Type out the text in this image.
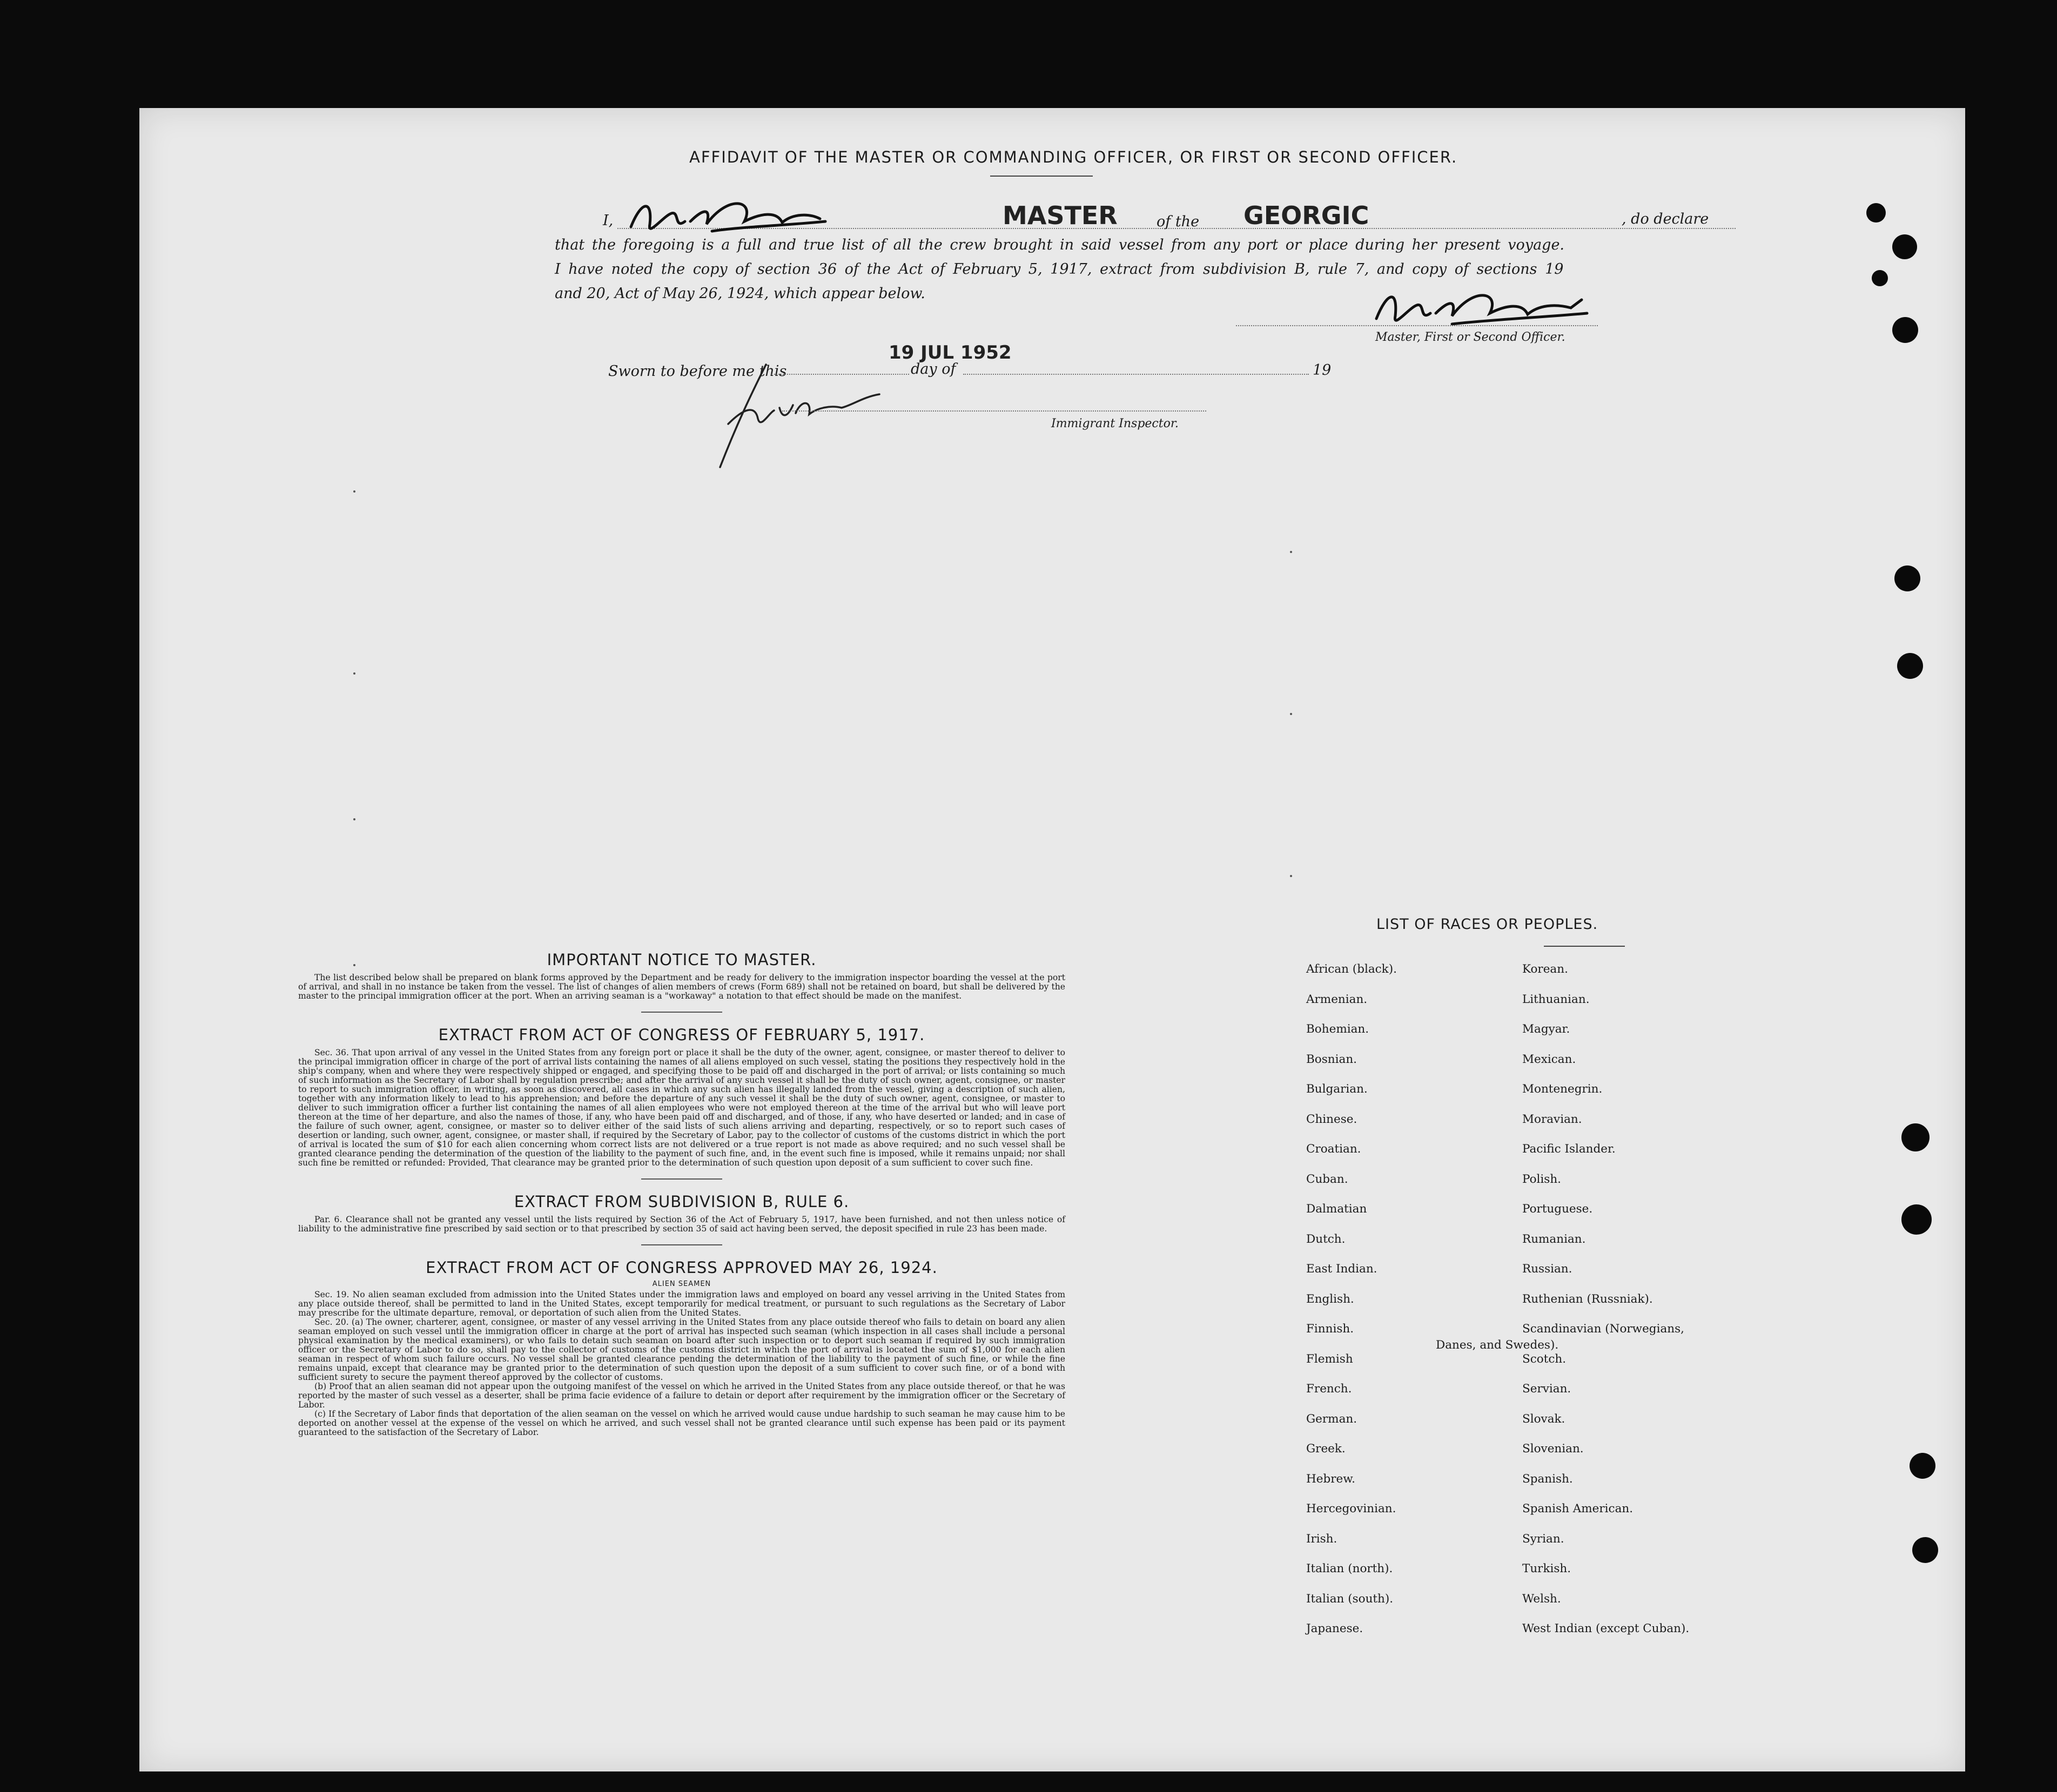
AFFIDAVIT OF THE MASTER OR COMMANDING OFFICER, OR FIRST OR SECOND OFFICER.
I,	MASTER	of the GEORGIC	, do declare
that the foregoing is a full and true list of all the crew brought in said vessel from any port or place during her present voyage.
I have noted the copy of section 36 of the Act of February 5, 1917, extract from subdivision B, rule 7, and copy of sections 19
and 20, Act of May 26, 1924, which appear below.
Master, First or Second Officer.
Sworn to before me this
19 JUL 1952
day of	19
Immigrant Inspector.
IMPORTANT NOTICE TO MASTER.

The list described below shall be prepared on blank forms approved by the Department and be ready for delivery to the immigration inspector boarding the vessel at the port of arrival, and shall in no instance be taken from the vessel. The list of changes of alien members of crews (Form 689) shall not be retained on board, but shall be delivered by the master to the principal immigration officer at the port. When an arriving seaman is a "workaway" a notation to that effect should be made on the manifest.

EXTRACT FROM ACT OF CONGRESS OF FEBRUARY 5, 1917.

Sec. 36. That upon arrival of any vessel in the United States from any foreign port or place it shall be the duty of the owner, agent, consignee, or master thereof to deliver to the principal immigration officer in charge of the port of arrival lists containing the names of all aliens employed on such vessel, stating the positions they respectively hold in the ship's company, when and where they were respectively shipped or engaged, and specifying those to be paid off and discharged in the port of arrival; or lists containing so much of such information as the Secretary of Labor shall by regulation prescribe; and after the arrival of any such vessel it shall be the duty of such owner, agent, consignee, or master to report to such immigration officer, in writing, as soon as discovered, all cases in which any such alien has illegally landed from the vessel, giving a description of such alien, together with any information likely to lead to his apprehension; and before the departure of any such vessel it shall be the duty of such owner, agent, consignee, or master to deliver to such immigration officer a further list containing the names of all alien employees who were not employed thereon at the time of the arrival but who will leave port thereon at the time of her departure, and also the names of those, if any, who have been paid off and discharged, and of those, if any, who have deserted or landed; and in case of the failure of such owner, agent, consignee, or master so to deliver either of the said lists of such aliens arriving and departing, respectively, or so to report such cases of desertion or landing, such owner, agent, consignee, or master shall, if required by the Secretary of Labor, pay to the collector of customs of the customs district in which the port of arrival is located the sum of $10 for each alien concerning whom correct lists are not delivered or a true report is not made as above required; and no such vessel shall be granted clearance pending the determination of the question of the liability to the payment of such fine, and, in the event such fine is imposed, while it remains unpaid; nor shall such fine be remitted or refunded: Provided, That clearance may be granted prior to the determination of such question upon deposit of a sum sufficient to cover such fine.

EXTRACT FROM SUBDIVISION B, RULE 6.

Par. 6. Clearance shall not be granted any vessel until the lists required by Section 36 of the Act of February 5, 1917, have been furnished, and not then unless notice of liability to the administrative fine prescribed by said section or to that prescribed by section 35 of said act having been served, the deposit specified in rule 23 has been made.

EXTRACT FROM ACT OF CONGRESS APPROVED MAY 26, 1924.
ALIEN SEAMEN

Sec. 19. No alien seaman excluded from admission into the United States under the immigration laws and employed on board any vessel arriving in the United States from any place outside thereof, shall be permitted to land in the United States, except temporarily for medical treatment, or pursuant to such regulations as the Secretary of Labor may prescribe for the ultimate departure, removal, or deportation of such alien from the United States.

Sec. 20. (a) The owner, charterer, agent, consignee, or master of any vessel arriving in the United States from any place outside thereof who fails to detain on board any alien seaman employed on such vessel until the immigration officer in charge at the port of arrival has inspected such seaman (which inspection in all cases shall include a personal physical examination by the medical examiners), or who fails to detain such seaman on board after such inspection or to deport such seaman if required by such immigration officer or the Secretary of Labor to do so, shall pay to the collector of customs of the customs district in which the port of arrival is located the sum of $1,000 for each alien seaman in respect of whom such failure occurs. No vessel shall be granted clearance pending the determination of the liability to the payment of such fine, or while the fine remains unpaid, except that clearance may be granted prior to the determination of such question upon the deposit of a sum sufficient to cover such fine, or of a bond with sufficient surety to secure the payment thereof approved by the collector of customs.

(b) Proof that an alien seaman did not appear upon the outgoing manifest of the vessel on which he arrived in the United States from any place outside thereof, or that he was reported by the master of such vessel as a deserter, shall be prima facie evidence of a failure to detain or deport after requirement by the immigration officer or the Secretary of Labor.

(c) If the Secretary of Labor finds that deportation of the alien seaman on the vessel on which he arrived would cause undue hardship to such seaman he may cause him to be deported on another vessel at the expense of the vessel on which he arrived, and such vessel shall not be granted clearance until such expense has been paid or its payment guaranteed to the satisfaction of the Secretary of Labor.

LIST OF RACES OR PEOPLES.
Danes, and Swedes).
African (black).
Armenian.
Bohemian.
Bosnian.
Bulgarian.
Chinese.
Croatian.
Cuban.
Dalmatian
Dutch.
East Indian.
English.
Finnish.
Flemish
French.
German.
Greek.
Hebrew.
Hercegovinian.
Irish.
Italian (north).
Italian (south).
Japanese.
Korean.
Lithuanian.
Magyar.
Mexican.
Montenegrin.
Moravian.
Pacific Islander.
Polish.
Portuguese.
Rumanian.
Russian.
Ruthenian (Russniak).
Scandinavian (Norwegians,
Scotch.
Servian.
Slovak.
Slovenian.
Spanish.
Spanish American.
Syrian.
Turkish.
Welsh.
West Indian (except Cuban).
